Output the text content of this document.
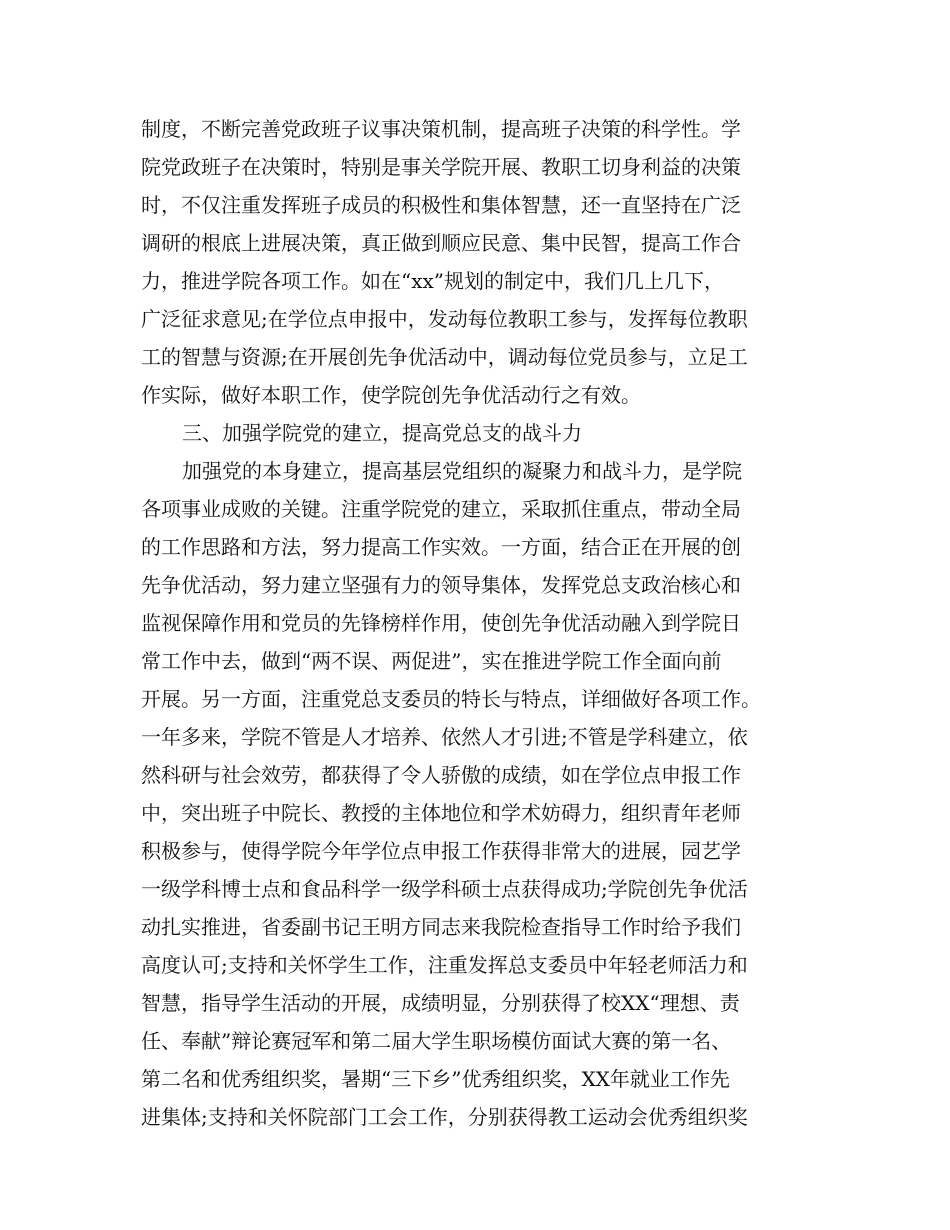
制度，不断完善党政班子议事决策机制，提高班子决策的科学性。学
院党政班子在决策时，特别是事关学院开展、教职工切身利益的决策
时，不仅注重发挥班子成员的积极性和集体智慧，还一直坚持在广泛
调研的根底上进展决策，真正做到顺应民意、集中民智，提高工作合
力，推进学院各项工作。如在“xx”规划的制定中，我们几上几下，
广泛征求意见;在学位点申报中，发动每位教职工参与，发挥每位教职
工的智慧与资源;在开展创先争优活动中，调动每位党员参与，立足工
作实际，做好本职工作，使学院创先争优活动行之有效。
三、加强学院党的建立，提高党总支的战斗力
加强党的本身建立，提高基层党组织的凝聚力和战斗力，是学院
各项事业成败的关键。注重学院党的建立，采取抓住重点，带动全局
的工作思路和方法，努力提高工作实效。一方面，结合正在开展的创
先争优活动，努力建立坚强有力的领导集体，发挥党总支政治核心和
监视保障作用和党员的先锋榜样作用，使创先争优活动融入到学院日
常工作中去，做到“两不误、两促进”，实在推进学院工作全面向前
开展。另一方面，注重党总支委员的特长与特点，详细做好各项工作。
一年多来，学院不管是人才培养、依然人才引进;不管是学科建立，依
然科研与社会效劳，都获得了令人骄傲的成绩，如在学位点申报工作
中，突出班子中院长、教授的主体地位和学术妨碍力，组织青年老师
积极参与，使得学院今年学位点申报工作获得非常大的进展，园艺学
一级学科博士点和食品科学一级学科硕士点获得成功;学院创先争优活
动扎实推进，省委副书记王明方同志来我院检查指导工作时给予我们
高度认可;支持和关怀学生工作，注重发挥总支委员中年轻老师活力和
智慧，指导学生活动的开展，成绩明显，分别获得了校XX“理想、责
任、奉献”辩论赛冠军和第二届大学生职场模仿面试大赛的第一名、
第二名和优秀组织奖，暑期“三下乡”优秀组织奖，XX年就业工作先
进集体;支持和关怀院部门工会工作，分别获得教工运动会优秀组织奖
